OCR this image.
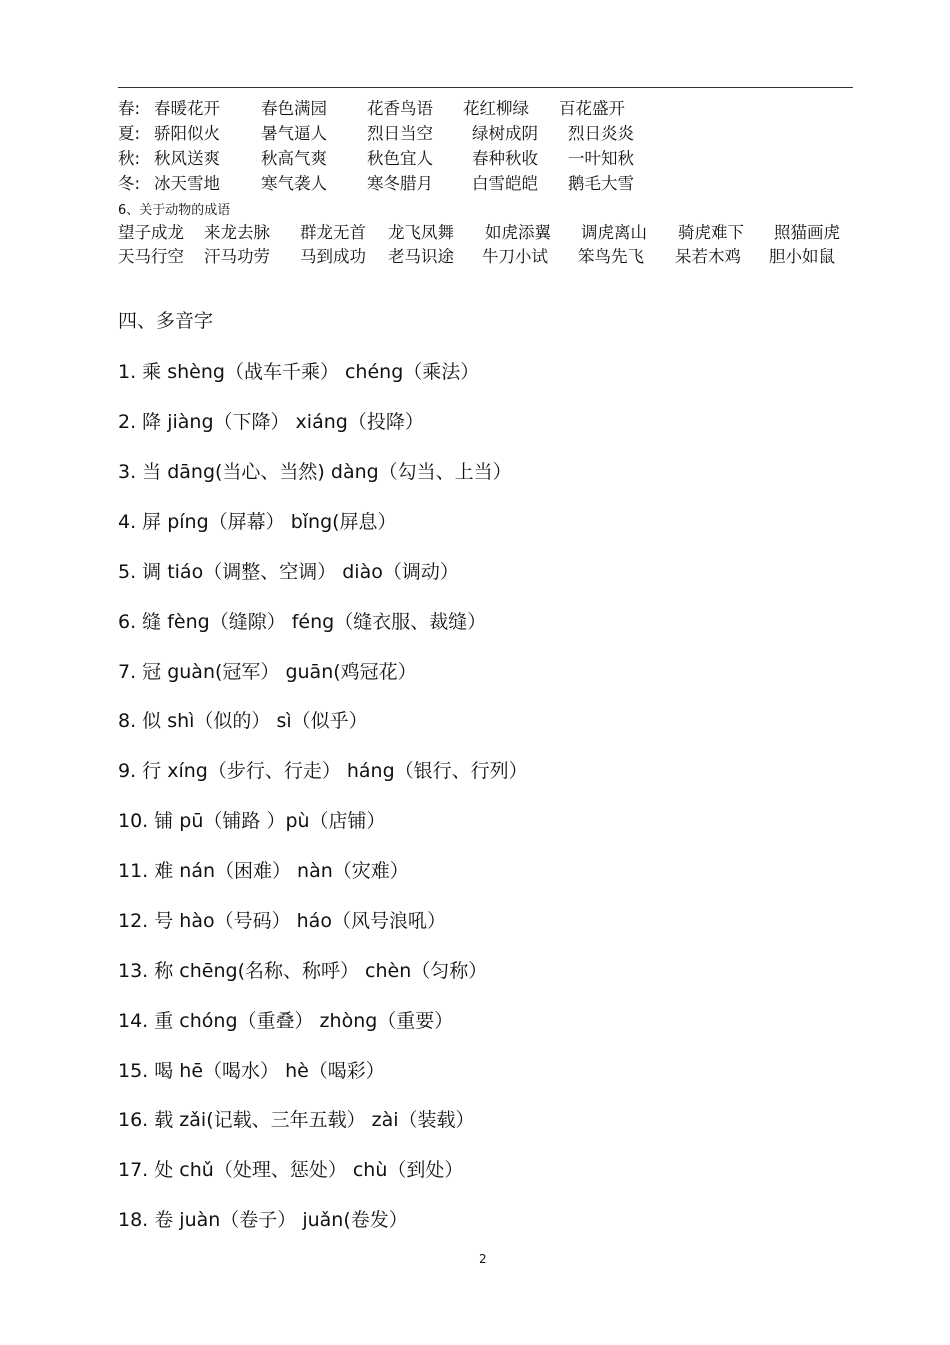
春: 春暖花开 春色满园 花香鸟语 花红柳绿 百花盛开
夏: 骄阳似火 暑气逼人 烈日当空 绿树成阴 烈日炎炎
秋: 秋风送爽 秋高气爽 秋色宜人 春种秋收 一叶知秋
冬: 冰天雪地 寒气袭人 寒冬腊月 白雪皑皑 鹅毛大雪
6、关于动物的成语
望子成龙 来龙去脉 群龙无首 龙飞凤舞 如虎添翼 调虎离山 骑虎难下 照猫画虎
天马行空 汗马功劳 马到成功 老马识途 牛刀小试 笨鸟先飞 呆若木鸡 胆小如鼠
四、多音字
1. 乘 shèng（战车千乘） chéng（乘法）
2. 降 jiàng（下降） xiáng（投降）
3. 当 dāng(当心、当然) dàng（勾当、上当）
4. 屏 píng（屏幕） bǐng(屏息）
5. 调 tiáo（调整、空调） diào（调动）
6. 缝 fèng（缝隙） féng（缝衣服、裁缝）
7. 冠 guàn(冠军） guān(鸡冠花）
8. 似 shì（似的） sì（似乎）
9. 行 xíng（步行、行走） háng（银行、行列）
10. 铺 pū（铺路 ）pù（店铺）
11. 难 nán（困难） nàn（灾难）
12. 号 hào（号码） háo（风号浪吼）
13. 称 chēng(名称、称呼） chèn（匀称）
14. 重 chóng（重叠） zhòng（重要）
15. 喝 hē（喝水） hè（喝彩）
16. 载 zǎi(记载、三年五载） zài（装载）
17. 处 chǔ（处理、惩处） chù（到处）
18. 卷 juàn（卷子） juǎn(卷发）
2
